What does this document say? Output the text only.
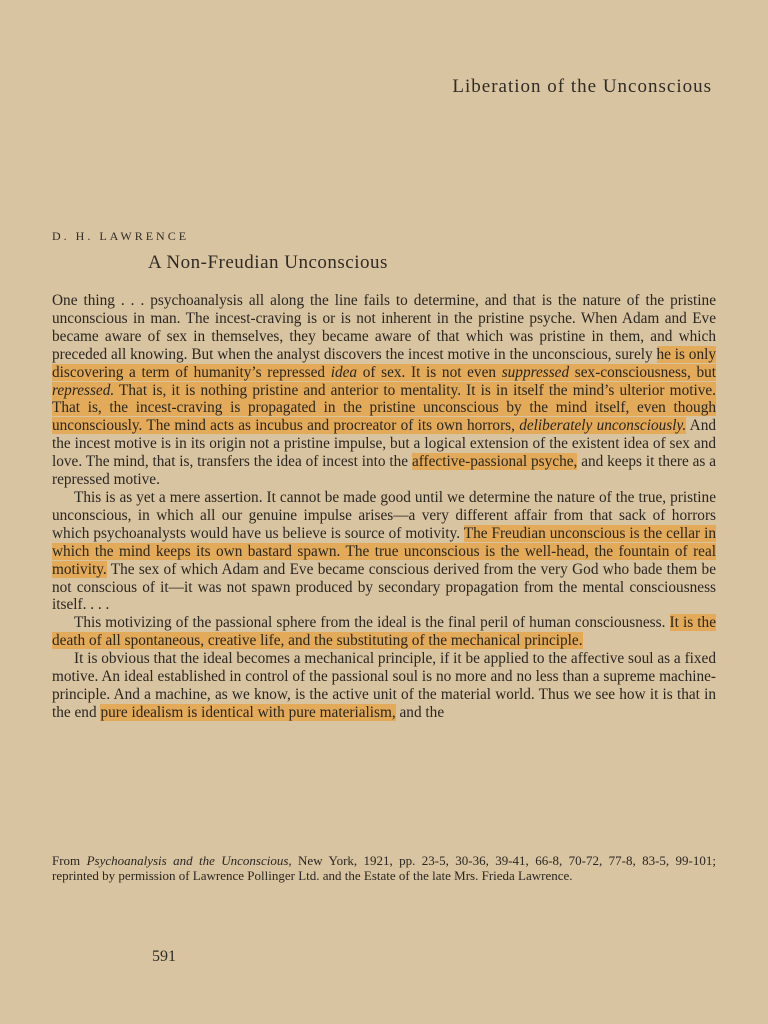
Liberation of the Unconscious
D. H. LAWRENCE
A Non-Freudian Unconscious

One thing . . . psychoanalysis all along the line fails to determine, and that is the nature of the pristine unconscious in man. The incest-craving is or is not inherent in the pristine psyche. When Adam and Eve became aware of sex in themselves, they became aware of that which was pristine in them, and which preceded all knowing. But when the analyst discovers the incest motive in the unconscious, surely he is only discovering a term of humanity’s repressed idea of sex. It is not even suppressed sex-consciousness, but repressed. That is, it is nothing pristine and anterior to mentality. It is in itself the mind’s ulterior motive. That is, the incest-craving is propagated in the pristine unconscious by the mind itself, even though unconsciously. The mind acts as incubus and procreator of its own horrors, deliberately unconsciously. And the incest motive is in its origin not a pristine impulse, but a logical extension of the existent idea of sex and love. The mind, that is, transfers the idea of incest into the affective-passional psyche, and keeps it there as a repressed motive.

This is as yet a mere assertion. It cannot be made good until we determine the nature of the true, pristine unconscious, in which all our genuine impulse arises—a very different affair from that sack of horrors which psychoanalysts would have us believe is source of motivity. The Freudian unconscious is the cellar in which the mind keeps its own bastard spawn. The true unconscious is the well-head, the fountain of real motivity. The sex of which Adam and Eve became conscious derived from the very God who bade them be not conscious of it—it was not spawn produced by secondary propagation from the mental consciousness itself. . . .

This motivizing of the passional sphere from the ideal is the final peril of human consciousness. It is the death of all spontaneous, creative life, and the substituting of the mechanical principle.

It is obvious that the ideal becomes a mechanical principle, if it be applied to the affective soul as a fixed motive. An ideal established in control of the passional soul is no more and no less than a supreme machine-principle. And a machine, as we know, is the active unit of the material world. Thus we see how it is that in the end pure idealism is identical with pure materialism, and the

From Psychoanalysis and the Unconscious, New York, 1921, pp. 23-5, 30-36, 39-41, 66-8, 70-72, 77-8, 83-5, 99-101; reprinted by permission of Lawrence Pollinger Ltd. and the Estate of the late Mrs. Frieda Lawrence.
591
